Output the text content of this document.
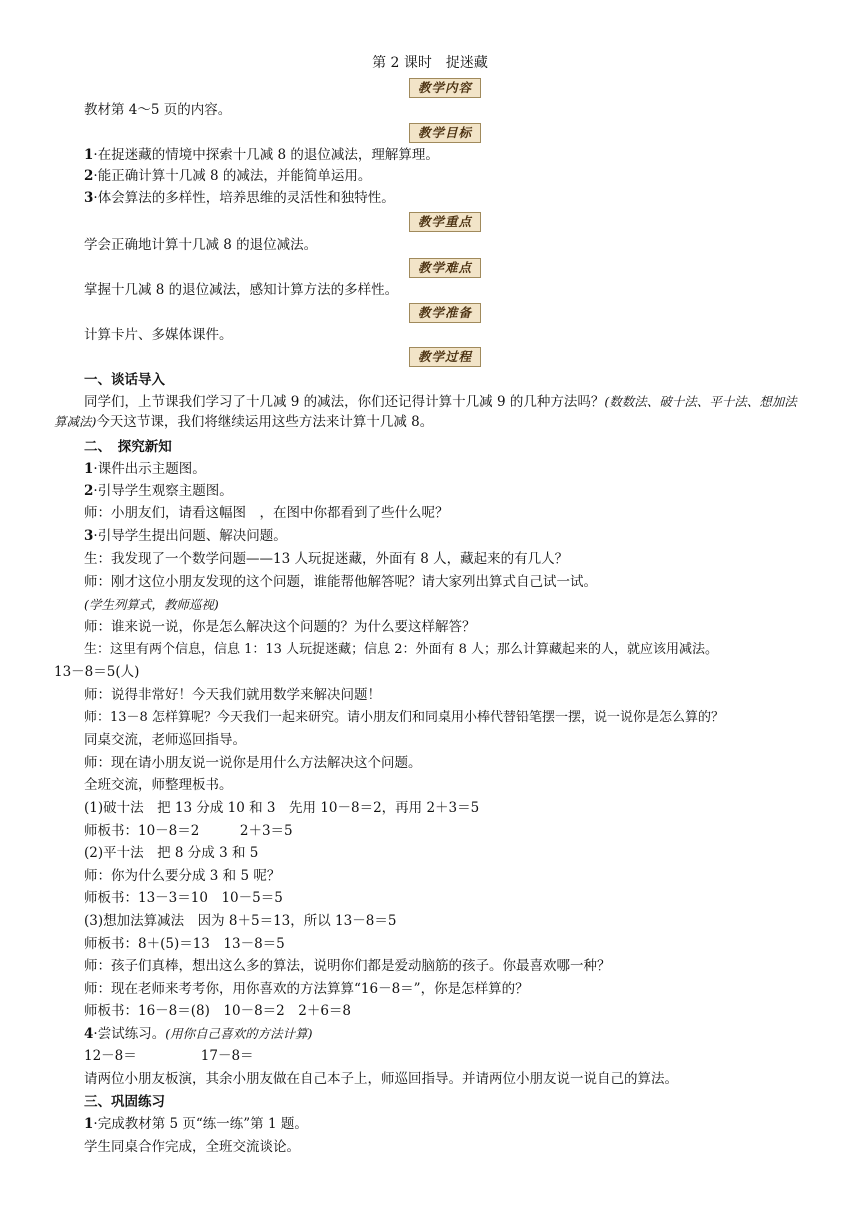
第 2 课时　捉迷藏
教学内容
教材第 4～5 页的内容。
教学目标
1·在捉迷藏的情境中探索十几减 8 的退位减法，理解算理。
2·能正确计算十几减 8 的减法，并能简单运用。
3·体会算法的多样性，培养思维的灵活性和独特性。
教学重点
学会正确地计算十几减 8 的退位减法。
教学难点
掌握十几减 8 的退位减法，感知计算方法的多样性。
教学准备
计算卡片、多媒体课件。
教学过程
一、谈话导入
同学们，上节课我们学习了十几减 9 的减法，你们还记得计算十几减 9 的几种方法吗？(数数法、破十法、平十法、想加法算减法)今天这节课，我们将继续运用这些方法来计算十几减 8。
二、　探究新知
1·课件出示主题图。
2·引导学生观察主题图。
师：小朋友们，请看这幅图　，在图中你都看到了些什么呢？
3·引导学生提出问题、解决问题。
生：我发现了一个数学问题——13 人玩捉迷藏，外面有 8 人，藏起来的有几人？
师：刚才这位小朋友发现的这个问题，谁能帮他解答呢？请大家列出算式自己试一试。
(学生列算式，教师巡视)
师：谁来说一说，你是怎么解决这个问题的？为什么要这样解答？
生：这里有两个信息，信息 1：13 人玩捉迷藏；信息 2：外面有 8 人；那么计算藏起来的人，就应该用减法。
13－8＝5(人)
师：说得非常好！今天我们就用数学来解决问题！
师：13－8 怎样算呢？今天我们一起来研究。请小朋友们和同桌用小棒代替铅笔摆一摆，说一说你是怎么算的？
同桌交流，老师巡回指导。
师：现在请小朋友说一说你是用什么方法解决这个问题。
全班交流，师整理板书。
(1)破十法　把 13 分成 10 和 3　先用 10－8＝2，再用 2＋3＝5
师板书：10－8＝2　　　2＋3＝5
(2)平十法　把 8 分成 3 和 5
师：你为什么要分成 3 和 5 呢？
师板书：13－3＝10　10－5＝5
(3)想加法算减法　因为 8＋5＝13，所以 13－8＝5
师板书：8＋(5)＝13　13－8＝5
师：孩子们真棒，想出这么多的算法，说明你们都是爱动脑筋的孩子。你最喜欢哪一种？
师：现在老师来考考你，用你喜欢的方法算算“16－8＝”，你是怎样算的？
师板书：16－8＝(8)　10－8＝2　2＋6＝8
4·尝试练习。(用你自己喜欢的方法计算)
12－8＝	17－8＝
请两位小朋友板演，其余小朋友做在自己本子上，师巡回指导。并请两位小朋友说一说自己的算法。
三、巩固练习
1·完成教材第 5 页“练一练”第 1 题。
学生同桌合作完成，全班交流谈论。
